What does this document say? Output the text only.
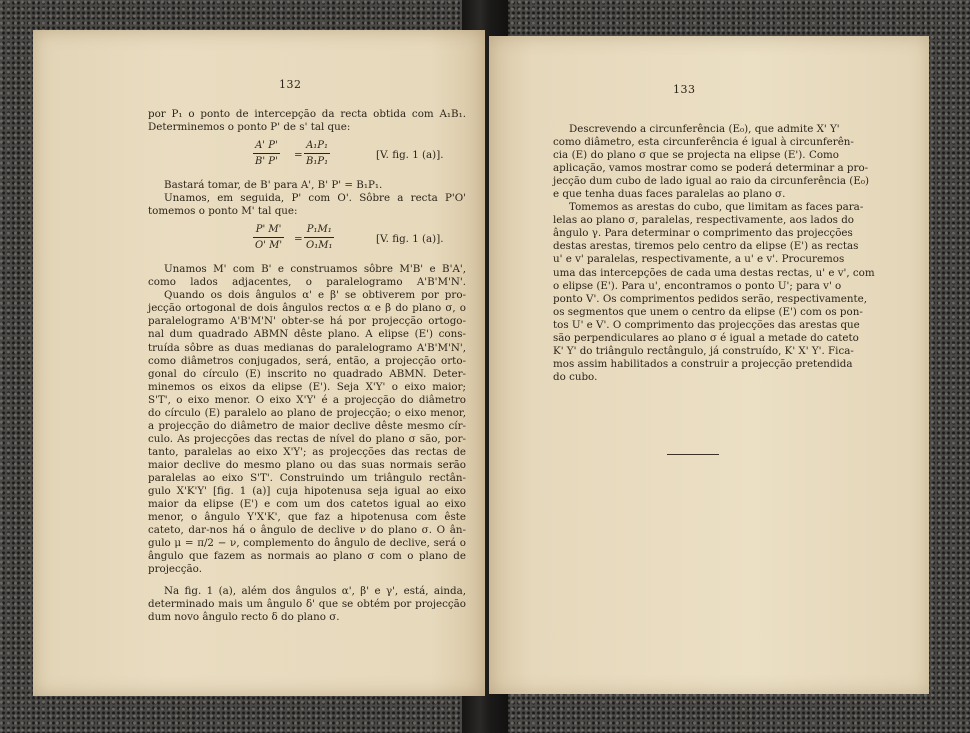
132
por P₁ o ponto de intercepção da recta obtida com A₁B₁.
Determinemos o ponto P' de s' tal que:
$\frac{A' P'}{B' P'} = \frac{\text{A₁P₁}}{\text{B₁P₁}}$	[V. fig. 1 (a)].
Bastará tomar, de B' para A', B' P' = B₁P₁.
Unamos, em seguida, P' com O'. Sôbre a recta P'O'
tomemos o ponto M' tal que:
$\frac{P' M'}{O' M'} = \frac{\text{P₁M₁}}{\text{O₁M₁}}$	[V. fig. 1 (a)].
Unamos M' com B' e construamos sôbre M'B' e B'A',
como lados adjacentes, o paralelogramo A'B'M'N'.
Quando os dois ângulos α' e β' se obtiverem por pro-
jecção ortogonal de dois ângulos rectos α e β do plano σ, o
paralelogramo A'B'M'N' obter-se há por projecção ortogo-
nal dum quadrado ABMN dêste plano. A elipse (E') cons-
truída sôbre as duas medianas do paralelogramo A'B'M'N',
como diâmetros conjugados, será, então, a projecção orto-
gonal do círculo (E) inscrito no quadrado ABMN. Deter-
minemos os eixos da elipse (E'). Seja X'Y' o eixo maior;
S'T', o eixo menor. O eixo X'Y' é a projecção do diâmetro
do círculo (E) paralelo ao plano de projecção; o eixo menor,
a projecção do diâmetro de maior declive dêste mesmo cír-
culo. As projecções das rectas de nível do plano σ são, por-
tanto, paralelas ao eixo X'Y'; as projecções das rectas de
maior declive do mesmo plano ou das suas normais serão
paralelas ao eixo S'T'. Construindo um triângulo rectân-
gulo X'K'Y' [fig. 1 (a)] cuja hipotenusa seja igual ao eixo
maior da elipse (E') e com um dos catetos igual ao eixo
menor, o ângulo Y'X'K', que faz a hipotenusa com êste
cateto, dar-nos há o ângulo de declive ν do plano σ. O ân-
gulo μ = π/2 − ν, complemento do ângulo de declive, será o
ângulo que fazem as normais ao plano σ com o plano de
projecção.
Na fig. 1 (a), além dos ângulos α', β' e γ', está, ainda,
determinado mais um ângulo δ' que se obtém por projecção
dum novo ângulo recto δ do plano σ.
133
Descrevendo a circunferência (E₀), que admite X' Y'
como diâmetro, esta circunferência é igual à circunferên-
cia (E) do plano σ que se projecta na elipse (E'). Como
aplicação, vamos mostrar como se poderá determinar a pro-
jecção dum cubo de lado igual ao raio da circunferência (E₀)
e que tenha duas faces paralelas ao plano σ.
Tomemos as arestas do cubo, que limitam as faces para-
lelas ao plano σ, paralelas, respectivamente, aos lados do
ângulo γ. Para determinar o comprimento das projecções
destas arestas, tiremos pelo centro da elipse (E') as rectas
u' e v' paralelas, respectivamente, a u' e v'. Procuremos
uma das intercepções de cada uma destas rectas, u' e v', com
o elipse (E'). Para u', encontramos o ponto U'; para v' o
ponto V'. Os comprimentos pedidos serão, respectivamente,
os segmentos que unem o centro da elipse (E') com os pon-
tos U' e V'. O comprimento das projecções das arestas que
são perpendiculares ao plano σ é igual a metade do cateto
K' Y' do triângulo rectângulo, já construído, K' X' Y'. Fica-
mos assim habilitados a construir a projecção pretendida
do cubo.
